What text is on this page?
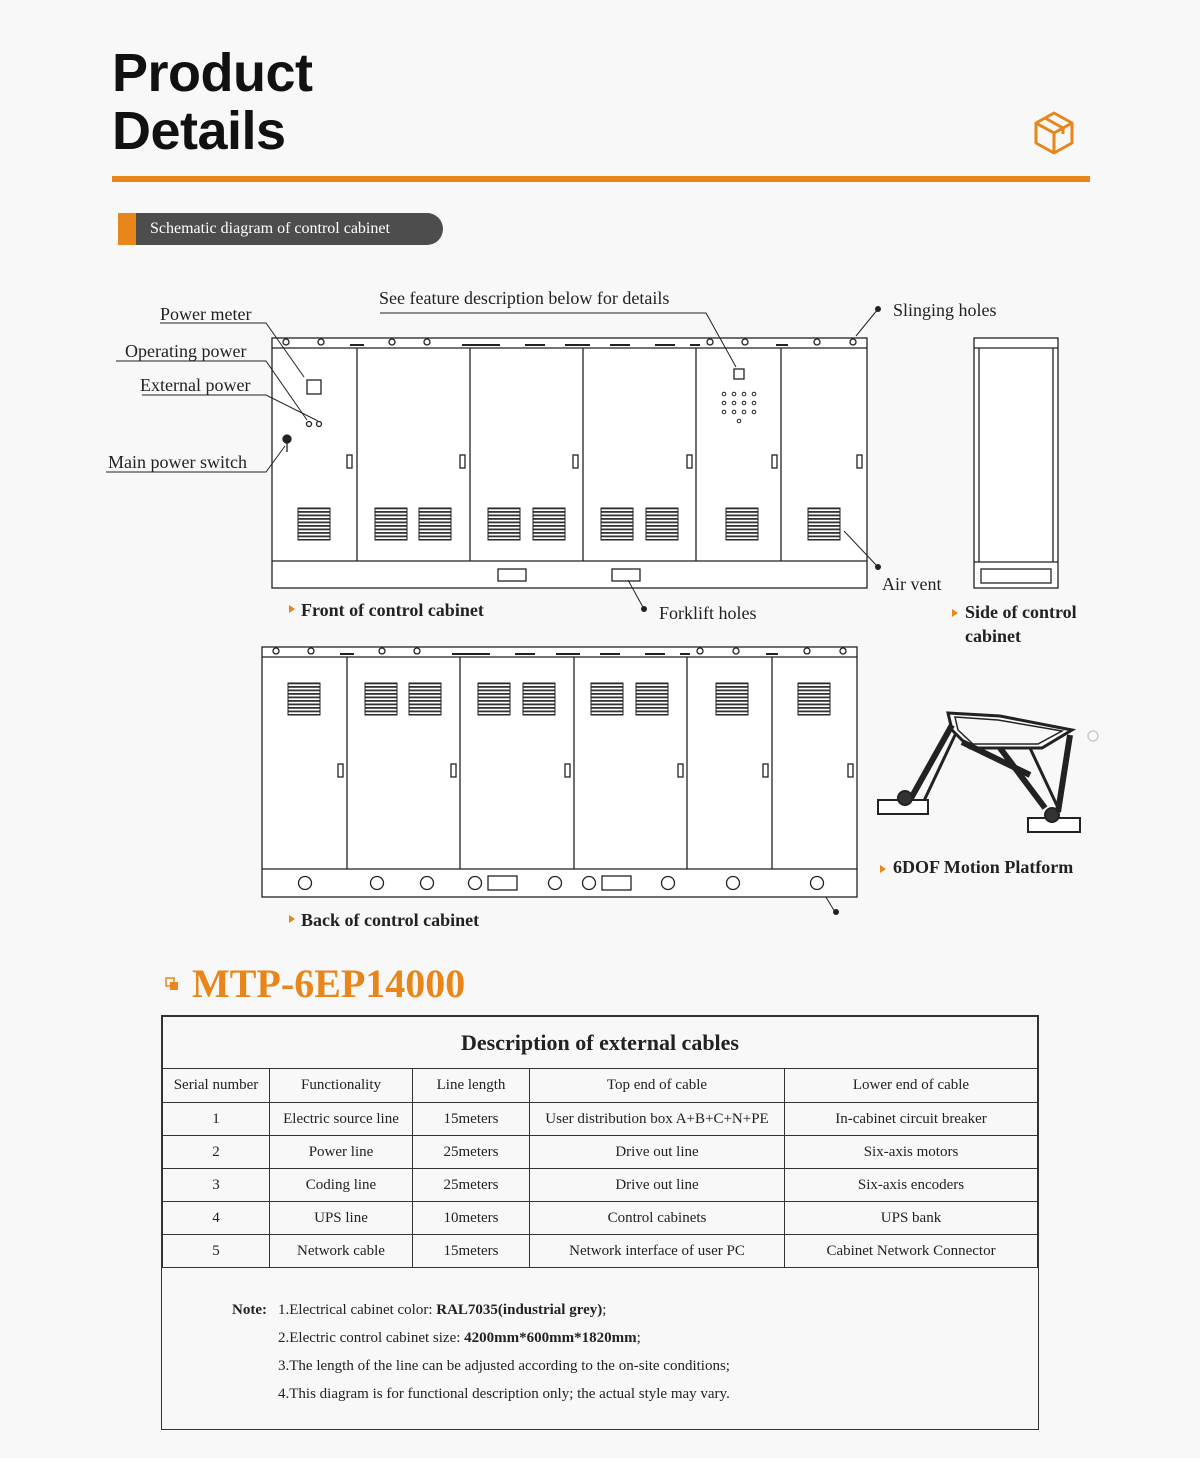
Product
Details
Schematic diagram of control cabinet
Power meter
Operating power
External power
Main power switch
See feature description below for details
Slinging holes
Air vent
Forklift holes
Front of control cabinet	Side of control
cabinet
Back of control cabinet
6DOF Motion Platform
MTP-6EP14000
Description of external cables				
Serial number	Functionality	Line length	Top end of cable	Lower end of cable
1	Electric source line	15meters	User distribution box A+B+C+N+PE	In-cabinet circuit breaker
2	Power line	25meters	Drive out line	Six-axis motors
3	Coding line	25meters	Drive out line	Six-axis encoders
4	UPS line	10meters	Control cabinets	UPS bank
5	Network cable	15meters	Network interface of user PC	Cabinet Network Connector
Note: 1.Electrical cabinet color: RAL7035(industrial grey);
2.Electric control cabinet size: 4200mm*600mm*1820mm;
3.The length of the line can be adjusted according to the on-site conditions;
4.This diagram is for functional description only; the actual style may vary.
